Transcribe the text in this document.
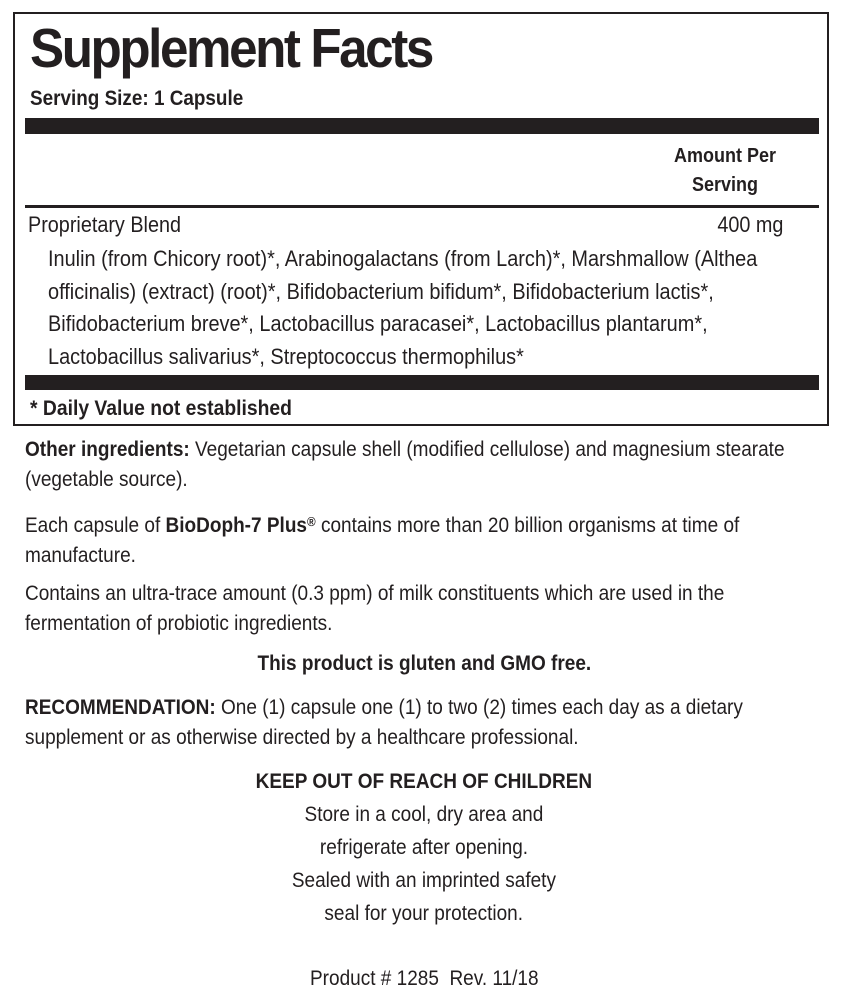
Supplement Facts
Serving Size: 1 Capsule
Amount Per
Serving
Proprietary Blend	400 mg
Inulin (from Chicory root)*, Arabinogalactans (from Larch)*, Marshmallow (Althea officinalis) (extract) (root)*, Bifidobacterium bifidum*, Bifidobacterium lactis*, Bifidobacterium breve*, Lactobacillus paracasei*, Lactobacillus plantarum*, Lactobacillus salivarius*, Streptococcus thermophilus*
* Daily Value not established
Other ingredients: Vegetarian capsule shell (modified cellulose) and magnesium stearate (vegetable source).
Each capsule of BioDoph-7 Plus® contains more than 20 billion organisms at time of manufacture.
Contains an ultra-trace amount (0.3 ppm) of milk constituents which are used in the fermentation of probiotic ingredients.
This product is gluten and GMO free.
RECOMMENDATION: One (1) capsule one (1) to two (2) times each day as a dietary supplement or as otherwise directed by a healthcare professional.
KEEP OUT OF REACH OF CHILDREN
Store in a cool, dry area and
refrigerate after opening.
Sealed with an imprinted safety
seal for your protection.
Product # 1285  Rev. 11/18
